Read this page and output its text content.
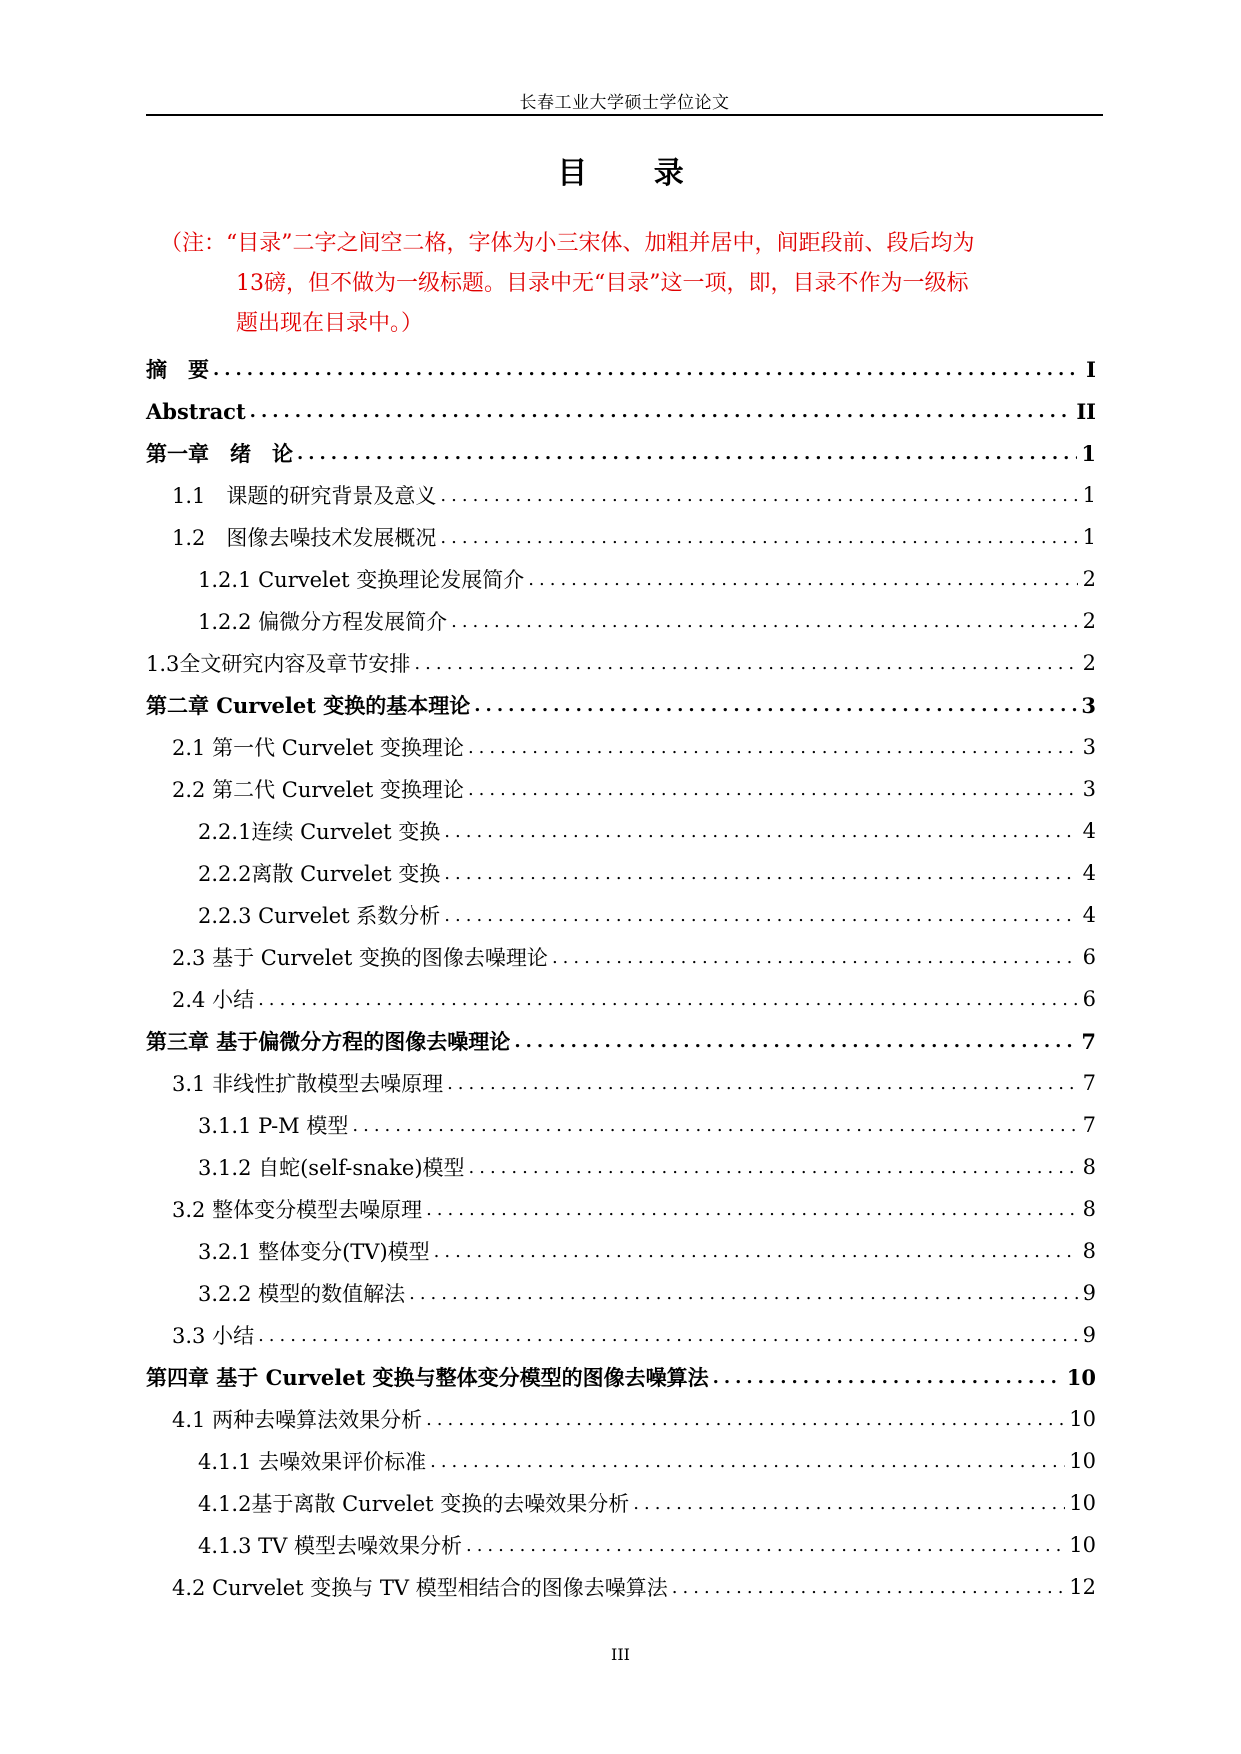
长春工业大学硕士学位论文
目 录
（注：“目录”二字之间空二格，字体为小三宋体、加粗并居中，间距段前、段后均为
13磅，但不做为一级标题。目录中无“目录”这一项，即，目录不作为一级标
题出现在目录中。）
摘　要 .....	I
Abstract .....	II
第一章　绪　论 .....	1
1.1　课题的研究背景及意义 .....	1
1.2　图像去噪技术发展概况 .....	1
1.2.1 Curvelet 变换理论发展简介 .....	2
1.2.2 偏微分方程发展简介 .....	2
1.3全文研究内容及章节安排 .....	2
第二章 Curvelet 变换的基本理论 .....	3
2.1 第一代 Curvelet 变换理论 .....	3
2.2 第二代 Curvelet 变换理论 .....	3
2.2.1连续 Curvelet 变换 .....	4
2.2.2离散 Curvelet 变换 .....	4
2.2.3 Curvelet 系数分析 .....	4
2.3 基于 Curvelet 变换的图像去噪理论 .....	6
2.4 小结 .....	6
第三章 基于偏微分方程的图像去噪理论 .....	7
3.1 非线性扩散模型去噪原理 .....	7
3.1.1 P-M 模型 .....	7
3.1.2 自蛇(self-snake)模型 .....	8
3.2 整体变分模型去噪原理 .....	8
3.2.1 整体变分(TV)模型 .....	8
3.2.2 模型的数值解法 .....	9
3.3 小结 .....	9
第四章 基于 Curvelet 变换与整体变分模型的图像去噪算法 .....	10
4.1 两种去噪算法效果分析 .....	10
4.1.1 去噪效果评价标准 .....	10
4.1.2基于离散 Curvelet 变换的去噪效果分析 .....	10
4.1.3 TV 模型去噪效果分析 .....	10
4.2 Curvelet 变换与 TV 模型相结合的图像去噪算法 .....	12
III
